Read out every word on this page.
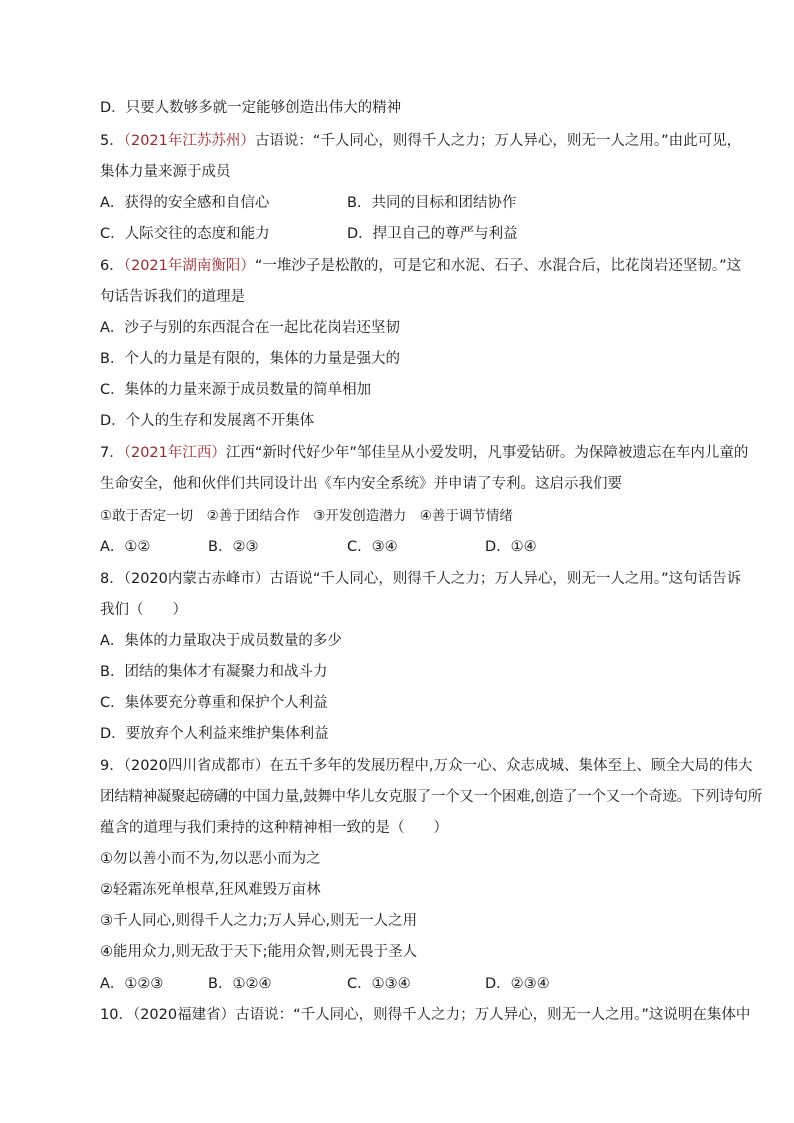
D．只要人数够多就一定能够创造出伟大的精神
5．（2021年江苏苏州）古语说：“千人同心，则得千人之力；万人异心，则无一人之用。”由此可见，
集体力量来源于成员
A．获得的安全感和自信心	B．共同的目标和团结协作
C．人际交往的态度和能力	D．捍卫自己的尊严与利益
6．（2021年湖南衡阳）“一堆沙子是松散的，可是它和水泥、石子、水混合后，比花岗岩还坚韧。”这
句话告诉我们的道理是
A．沙子与别的东西混合在一起比花岗岩还坚韧
B．个人的力量是有限的，集体的力量是强大的
C．集体的力量来源于成员数量的简单相加
D．个人的生存和发展离不开集体
7．（2021年江西）江西“新时代好少年”邹佳呈从小爱发明，凡事爱钻研。为保障被遗忘在车内儿童的
生命安全，他和伙伴们共同设计出《车内安全系统》并申请了专利。这启示我们要
①敢于否定一切　②善于团结合作　③开发创造潜力　④善于调节情绪
A．①②	B．②③	C．③④	D．①④
8．（2020内蒙古赤峰市）古语说“千人同心，则得千人之力；万人异心，则无一人之用。”这句话告诉
我们（　　）
A．集体的力量取决于成员数量的多少
B．团结的集体才有凝聚力和战斗力
C．集体要充分尊重和保护个人利益
D．要放弃个人利益来维护集体利益
9．（2020四川省成都市）在五千多年的发展历程中,万众一心、众志成城、集体至上、顾全大局的伟大
团结精神凝聚起磅礴的中国力量,鼓舞中华儿女克服了一个又一个困难,创造了一个又一个奇迹。下列诗句所
蕴含的道理与我们秉持的这种精神相一致的是（　　）
①勿以善小而不为,勿以恶小而为之
②轻霜冻死单根草,狂风难毁万亩林
③千人同心,则得千人之力;万人异心,则无一人之用
④能用众力,则无敌于天下;能用众智,则无畏于圣人
A．①②③	B．①②④	C．①③④	D．②③④
10．（2020福建省）古语说：“千人同心，则得千人之力；万人异心，则无一人之用。”这说明在集体中
